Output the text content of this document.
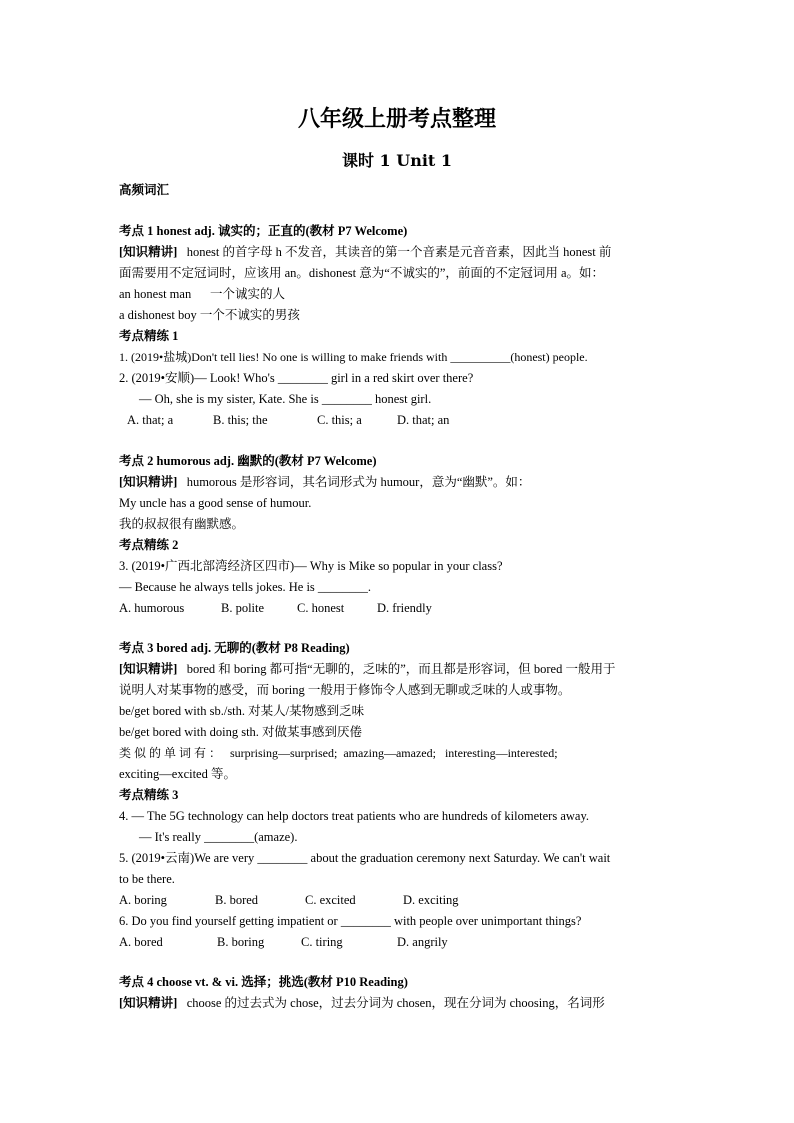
八年级上册考点整理
课时 1 Unit 1
高频词汇
考点 1 honest adj. 诚实的；正直的(教材 P7 Welcome)
[知识精讲] honest 的首字母 h 不发音，其读音的第一个音素是元音音素，因此当 honest 前
面需要用不定冠词时，应该用 an。dishonest 意为“不诚实的”，前面的不定冠词用 a。如：
an honest man      一个诚实的人
a dishonest boy 一个不诚实的男孩
考点精练 1
1. (2019•盐城)Don't tell lies! No one is willing to make friends with __________(honest) people.
2. (2019•安顺)— Look! Who's ________ girl in a red skirt over there?
— Oh, she is my sister, Kate. She is ________ honest girl.
A. that; a	B. this; the	C. this; a	D. that; an
考点 2 humorous adj. 幽默的(教材 P7 Welcome)
[知识精讲] humorous 是形容词，其名词形式为 humour，意为“幽默”。如：
My uncle has a good sense of humour.
我的叔叔很有幽默感。
考点精练 2
3. (2019•广西北部湾经济区四市)— Why is Mike so popular in your class?
— Because he always tells jokes. He is ________.
A. humorous	B. polite	C. honest	D. friendly
考点 3 bored adj. 无聊的(教材 P8 Reading)
[知识精讲] bored 和 boring 都可指“无聊的，乏味的”，而且都是形容词，但 bored 一般用于
说明人对某事物的感受，而 boring 一般用于修饰令人感到无聊或乏味的人或事物。
be/get bored with sb./sth. 对某人/某物感到乏味
be/get bored with doing sth. 对做某事感到厌倦
类 似 的 单 词 有 ：   surprising—surprised;  amazing—amazed;   interesting—interested;
exciting—excited 等。
考点精练 3
4. — The 5G technology can help doctors treat patients who are hundreds of kilometers away.
— It's really ________(amaze).
5. (2019•云南)We are very ________ about the graduation ceremony next Saturday. We can't wait
to be there.
A. boring	B. bored	C. excited	D. exciting
6. Do you find yourself getting impatient or ________ with people over unimportant things?
A. bored	B. boring	C. tiring	D. angrily
考点 4 choose vt. & vi. 选择；挑选(教材 P10 Reading)
[知识精讲] choose 的过去式为 chose，过去分词为 chosen，现在分词为 choosing，名词形
